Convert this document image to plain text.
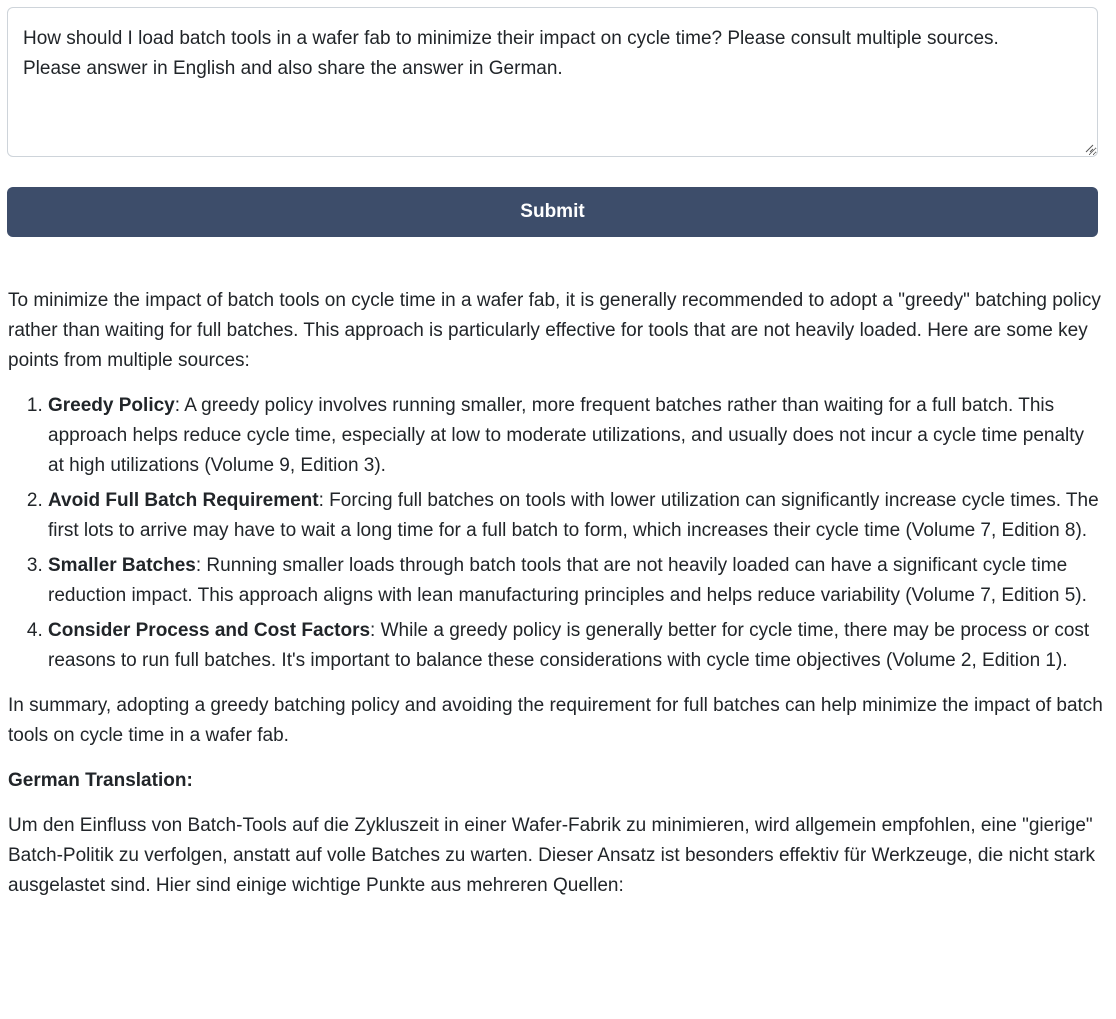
How should I load batch tools in a wafer fab to minimize their impact on cycle time? Please consult multiple sources. Please answer in English and also share the answer in German.
Submit

To minimize the impact of batch tools on cycle time in a wafer fab, it is generally recommended to adopt a "greedy" batching policy rather than waiting for full batches. This approach is particularly effective for tools that are not heavily loaded. Here are some key points from multiple sources:

1. Greedy Policy: A greedy policy involves running smaller, more frequent batches rather than waiting for a full batch. This approach helps reduce cycle time, especially at low to moderate utilizations, and usually does not incur a cycle time penalty at high utilizations (Volume 9, Edition 3).
2. Avoid Full Batch Requirement: Forcing full batches on tools with lower utilization can significantly increase cycle times. The first lots to arrive may have to wait a long time for a full batch to form, which increases their cycle time (Volume 7, Edition 8).
3. Smaller Batches: Running smaller loads through batch tools that are not heavily loaded can have a significant cycle time reduction impact. This approach aligns with lean manufacturing principles and helps reduce variability (Volume 7, Edition 5).
4. Consider Process and Cost Factors: While a greedy policy is generally better for cycle time, there may be process or cost reasons to run full batches. It's important to balance these considerations with cycle time objectives (Volume 2, Edition 1).

In summary, adopting a greedy batching policy and avoiding the requirement for full batches can help minimize the impact of batch tools on cycle time in a wafer fab.

German Translation:

Um den Einfluss von Batch-Tools auf die Zykluszeit in einer Wafer-Fabrik zu minimieren, wird allgemein empfohlen, eine "gierige" Batch-Politik zu verfolgen, anstatt auf volle Batches zu warten. Dieser Ansatz ist besonders effektiv für Werkzeuge, die nicht stark ausgelastet sind. Hier sind einige wichtige Punkte aus mehreren Quellen:
